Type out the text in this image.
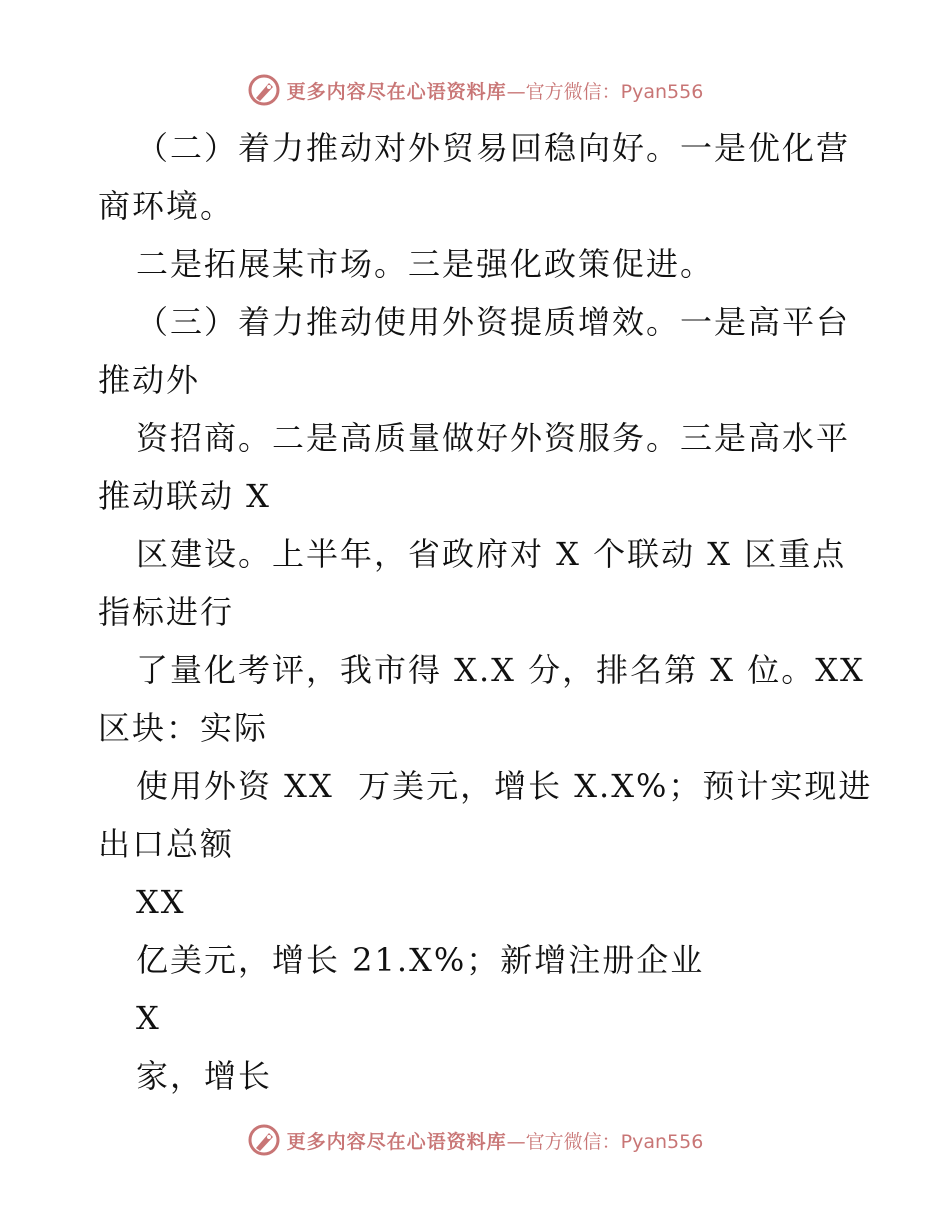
更多内容尽在心语资料库 —官方微信：Pyan556
（二）着力推动对外贸易回稳向好。一是优化营
商环境。
二是拓展某市场。三是强化政策促进。
（三）着力推动使用外资提质增效。一是高平台
推动外
资招商。二是高质量做好外资服务。三是高水平
推动联动 X
区建设。上半年，省政府对 X 个联动 X 区重点
指标进行
了量化考评，我市得 X.X 分，排名第 X 位。XX
区块：实际
使用外资 XX  万美元，增长 X.X%；预计实现进
出口总额
XX
亿美元，增长 21.X%；新增注册企业
X
家，增长
更多内容尽在心语资料库 —官方微信：Pyan556
